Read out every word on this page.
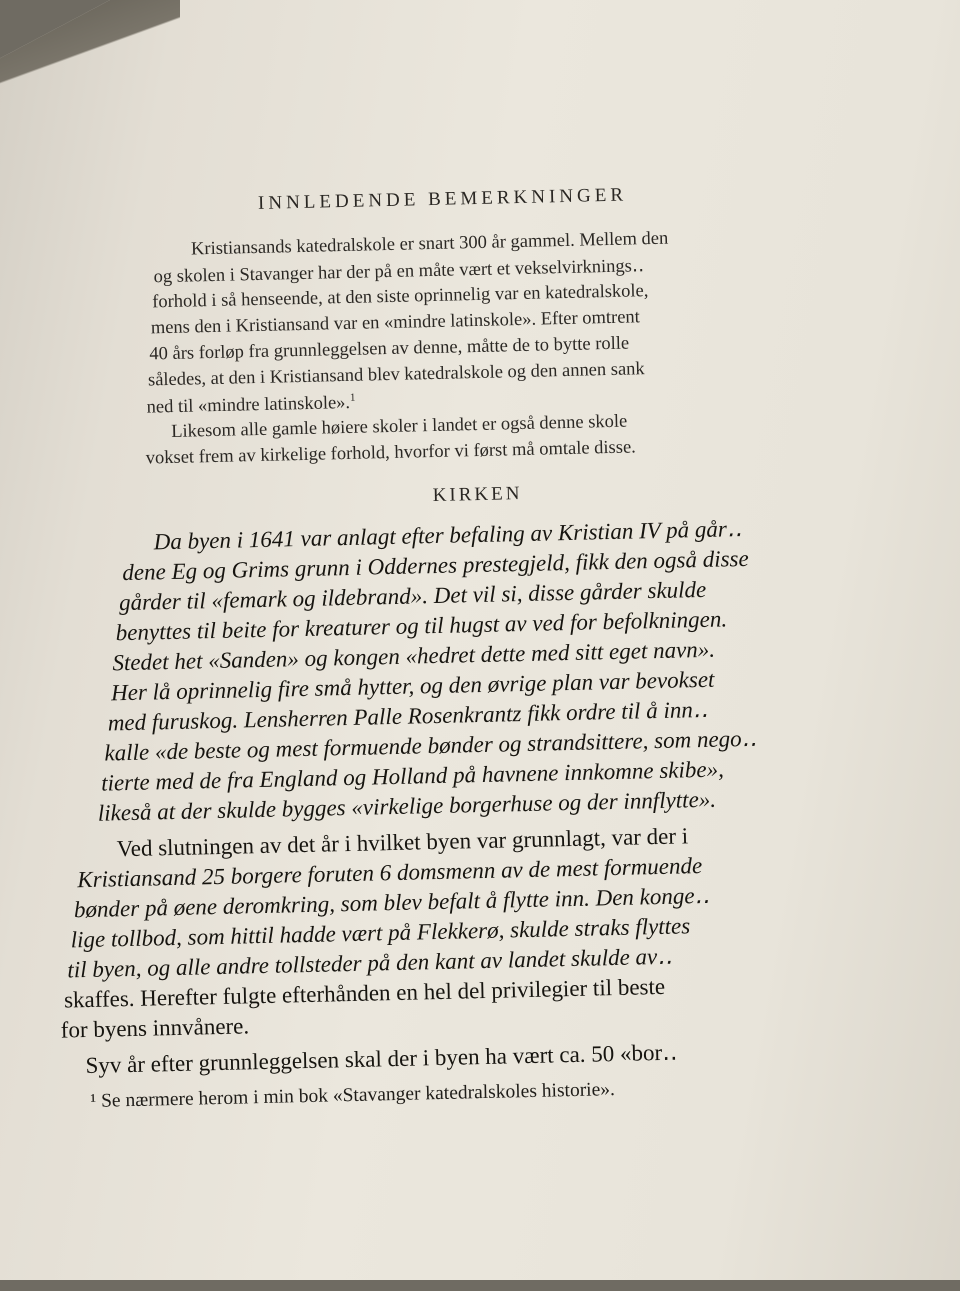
INNLEDENDE BEMERKNINGER

Kristiansands katedralskole er snart 300 år gammel. Mellem den

og skolen i Stavanger har der på en måte vært et vekselvirknings‥

forhold i så henseende, at den siste oprinnelig var en katedralskole,

mens den i Kristiansand var en «mindre latinskole». Efter omtrent

40 års forløp fra grunnleggelsen av denne, måtte de to bytte rolle

således, at den i Kristiansand blev katedralskole og den annen sank

ned til «mindre latinskole».$^1$

Likesom alle gamle høiere skoler i landet er også denne skole

vokset frem av kirkelige forhold, hvorfor vi først må omtale disse.

KIRKEN

Da byen i 1641 var anlagt efter befaling av Kristian IV på går‥

dene Eg og Grims grunn i Oddernes prestegjeld, fikk den også disse

gårder til «femark og ildebrand». Det vil si, disse gårder skulde

benyttes til beite for kreaturer og til hugst av ved for befolkningen.

Stedet het «Sanden» og kongen «hedret dette med sitt eget navn».

Her lå oprinnelig fire små hytter, og den øvrige plan var bevokset

med furuskog. Lensherren Palle Rosenkrantz fikk ordre til å inn‥

kalle «de beste og mest formuende bønder og strandsittere, som nego‥

tierte med de fra England og Holland på havnene innkomne skibe»,

likeså at der skulde bygges «virkelige borgerhuse og der innflytte».

Ved slutningen av det år i hvilket byen var grunnlagt, var der i

Kristiansand 25 borgere foruten 6 domsmenn av de mest formuende

bønder på øene deromkring, som blev befalt å flytte inn. Den konge‥

lige tollbod, som hittil hadde vært på Flekkerø, skulde straks flyttes

til byen, og alle andre tollsteder på den kant av landet skulde av‥

skaffes. Herefter fulgte efterhånden en hel del privilegier til beste

for byens innvånere.

Syv år efter grunnleggelsen skal der i byen ha vært ca. 50 «bor‥

¹ Se nærmere herom i min bok «Stavanger katedralskoles historie».
